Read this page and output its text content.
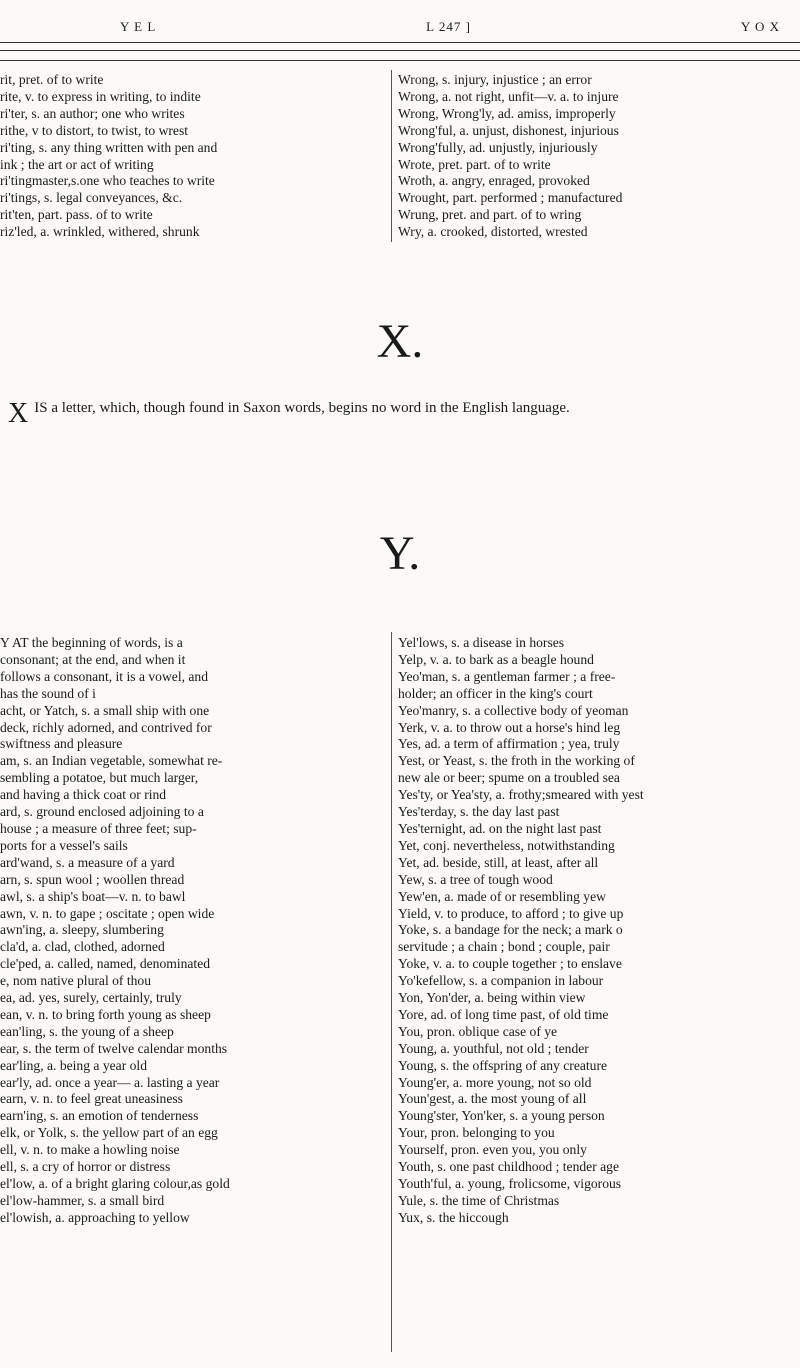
Y E L	L 247 ]	Y O X
rit, pret. of to write
rite, v. to express in writing, to indite
ri'ter, s. an author; one who writes
rithe, v to distort, to twist, to wrest
ri'ting, s. any thing written with pen and
ink ; the art or act of writing
ri'tingmaster,s.one who teaches to write
ri'tings, s. legal conveyances, &c.
rit'ten, part. pass. of to write
riz'led, a. wrinkled, withered, shrunk
Wrong, s. injury, injustice ; an error
Wrong, a. not right, unfit—v. a. to injure
Wrong, Wrong'ly, ad. amiss, improperly
Wrong'ful, a. unjust, dishonest, injurious
Wrong'fully, ad. unjustly, injuriously
Wrote, pret. part. of to write
Wroth, a. angry, enraged, provoked
Wrought, part. performed ; manufactured
Wrung, pret. and part. of to wring
Wry, a. crooked, distorted, wrested
X.
X IS a letter, which, though found in Saxon words, begins no word in the English language.
Y.
Y AT the beginning of words, is a
consonant; at the end, and when it
follows a consonant, it is a vowel, and
has the sound of i
acht, or Yatch, s. a small ship with one
deck, richly adorned, and contrived for
swiftness and pleasure
am, s. an Indian vegetable, somewhat re-
sembling a potatoe, but much larger,
and having a thick coat or rind
ard, s. ground enclosed adjoining to a
house ; a measure of three feet; sup-
ports for a vessel's sails
ard'wand, s. a measure of a yard
arn, s. spun wool ; woollen thread
awl, s. a ship's boat—v. n. to bawl
awn, v. n. to gape ; oscitate ; open wide
awn'ing, a. sleepy, slumbering
cla'd, a. clad, clothed, adorned
cle'ped, a. called, named, denominated
e, nom native plural of thou
ea, ad. yes, surely, certainly, truly
ean, v. n. to bring forth young as sheep
ean'ling, s. the young of a sheep
ear, s. the term of twelve calendar months
ear'ling, a. being a year old
ear'ly, ad. once a year— a. lasting a year
earn, v. n. to feel great uneasiness
earn'ing, s. an emotion of tenderness
elk, or Yolk, s. the yellow part of an egg
ell, v. n. to make a howling noise
ell, s. a cry of horror or distress
el'low, a. of a bright glaring colour,as gold
el'low-hammer, s. a small bird
el'lowish, a. approaching to yellow
Yel'lows, s. a disease in horses
Yelp, v. a. to bark as a beagle hound
Yeo'man, s. a gentleman farmer ; a free-
holder; an officer in the king's court
Yeo'manry, s. a collective body of yeoman
Yerk, v. a. to throw out a horse's hind leg
Yes, ad. a term of affirmation ; yea, truly
Yest, or Yeast, s. the froth in the working of
new ale or beer; spume on a troubled sea
Yes'ty, or Yea'sty, a. frothy;smeared with yest
Yes'terday, s. the day last past
Yes'ternight, ad. on the night last past
Yet, conj. nevertheless, notwithstanding
Yet, ad. beside, still, at least, after all
Yew, s. a tree of tough wood
Yew'en, a. made of or resembling yew
Yield, v. to produce, to afford ; to give up
Yoke, s. a bandage for the neck; a mark o
servitude ; a chain ; bond ; couple, pair
Yoke, v. a. to couple together ; to enslave
Yo'kefellow, s. a companion in labour
Yon, Yon'der, a. being within view
Yore, ad. of long time past, of old time
You, pron. oblique case of ye
Young, a. youthful, not old ; tender
Young, s. the offspring of any creature
Young'er, a. more young, not so old
Youn'gest, a. the most young of all
Young'ster, Yon'ker, s. a young person
Your, pron. belonging to you
Yourself, pron. even you, you only
Youth, s. one past childhood ; tender age
Youth'ful, a. young, frolicsome, vigorous
Yule, s. the time of Christmas
Yux, s. the hiccough
